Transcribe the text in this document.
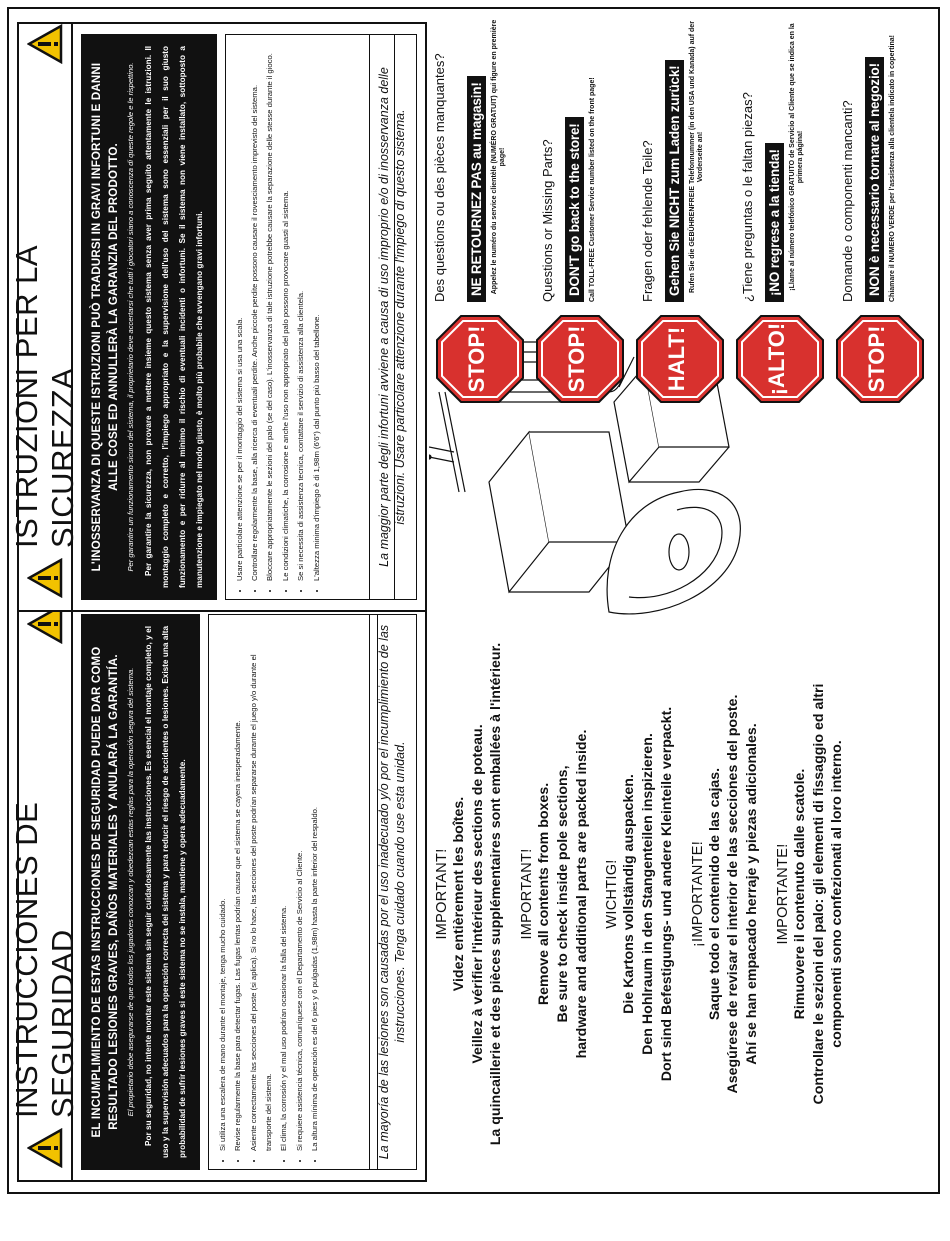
INSTRUCCIONES DE SEGURIDAD EL INCUMPLIMIENTO DE ESTAS INSTRUCCIONES DE SEGURIDAD PUEDE DAR COMO RESULTADO LESIONES GRAVES, DAÑOS MATERIALES Y ANULARÁ LA GARANTÍA. El propietario debe asegurarse de que todos los jugadores conozcan y obedezcan estas reglas para la operación segura del sistema.	Por su seguridad, no intente montar este sistema sin seguir cuidadosamente las instrucciones. Es esencial el montaje completo, y el uso y la supervisión adecuados para la operación correcta del sistema y para reducir el riesgo de accidentes o lesiones. Existe una alta probabilidad de sufrir lesiones graves si este sistema no se instala, mantiene y opera adecuadamente.	• Si utiliza una escalera de mano durante el montaje, tenga mucho cuidado. • Revise regularmente la base para detectar fugas. Las fugas lentas podrían causar que el sistema se cayera inesperadamente. • Asiente correctamente las secciones del poste (si aplica). Si no lo hace, las secciones del poste podrían separarse durante el juego y/o durante el transporte del sistema. • El clima, la corrosión y el mal uso podrían ocasionar la falla del sistema. • Si requiere asistencia técnica, comuníquese con el Departamento de Servicio al Cliente. • La altura mínima de operación es del 6 pies y 6 pulgadas (1,98m) hasta la parte inferior del respaldo.	La mayoría de las lesiones son causadas por el uso inadecuado y/o por el incumplimiento de las instrucciones. Tenga cuidado cuando use esta unidad.
ISTRUZIONI PER LA SICUREZZA L'INOSSERVANZA DI QUESTE ISTRUZIONI PUÒ TRADURSI IN GRAVI INFORTUNI E DANNI ALLE COSE ED ANNULLERÀ LA GARANZIA DEL PRODOTTO. Per garantire un funzionamento sicuro del sistema, il proprietario deve accertarsi che tutti i giocatori siano a conoscenza di queste regole e le rispettino.	Per garantire la sicurezza, non provare a mettere insieme questo sistema senza aver prima seguito attentamente le istruzioni. Il montaggio completo e corretto, l'impiego appropriato e la supervisione dell'uso del sistema sono essenziali per il suo giusto funzionamento e per ridurre al minimo il rischio di eventuali incidenti o infortuni. Se il sistema non viene installato, sottoposto a manutenzione e impiegato nel modo giusto, è molto più probabile che avvengano gravi infortuni.	• Usare particolare attenzione se per il montaggio del sistema si usa una scala. • Controllare regolarmente la base, alla ricerca di eventuali perdite. Anche piccole perdite possono causare il rovesciamento imprevisto del sistema. • Bloccare appropriatamente le sezioni del palo (se del caso). L'inosservanza di tale istruzione potrebbe causare la separazione delle stesse durante il gioco. • Le condizioni climatiche, la corrosione e anche l'uso non appropriato del palo possono provocare guasti al sistema. • Se si necessita di assistenza tecnica, contattare il servizio di assistenza alla clientela. • L'altezza minima d'impiego è di 1,98m (6'6") dal punto più basso del tabellone.	La maggior parte degli infortuni avviene a causa di uso improprio e/o di inosservanza delle istruzioni. Usare particolare attenzione durante l'impiego di questo sistema.
IMPORTANT! Videz entièrement les boîtes. Veillez à vérifier l'intérieur des sections de poteau. La quincaillerie et des pièces supplémentaires sont emballées à l'intérieur. IMPORTANT! Remove all contents from boxes. Be sure to check inside pole sections, hardware and additional parts are packed inside. WICHTIG! Die Kartons vollständig auspacken. Den Hohlraum in den Stangenteilen inspizieren. Dort sind Befestigungs- und andere Kleinteile verpackt. ¡IMPORTANTE! Saque todo el contenido de las cajas. Asegúrese de revisar el interior de las secciones del poste. Ahí se han empacado herraje y piezas adicionales. IMPORTANTE! Rimuovere il contenuto dalle scatole. Controllare le sezioni del palo: gli elementi di fissaggio ed altri componenti sono confezionati al loro interno.
STOP!
Des questions ou des pièces manquantes? NE RETOURNEZ PAS au magasin! Appelez le numéro du service clientèle (NUMÉRO GRATUIT) qui figure en première page!
STOP!
Questions or Missing Parts? DON'T go back to the store! Call TOLL-FREE Customer Service number listed on the front page!
HALT!
Fragen oder fehlende Teile? Gehen Sie NICHT zum Laden zurück! Rufen Sie die GEBÜHRENFREIE Telefonnummer (in den USA und Kanada) auf der Vorderseite an!
¡ALTO!
¿Tiene preguntas o le faltan piezas? ¡NO regrese a la tienda! ¡Llame al número telefónico GRATUITO de Servicio al Cliente que se indica en la primera página!
STOP!
Domande o componenti mancanti? NON è necessario tornare al negozio! Chiamare il NUMERO VERDE per l'assistenza alla clientela indicato in copertina!
